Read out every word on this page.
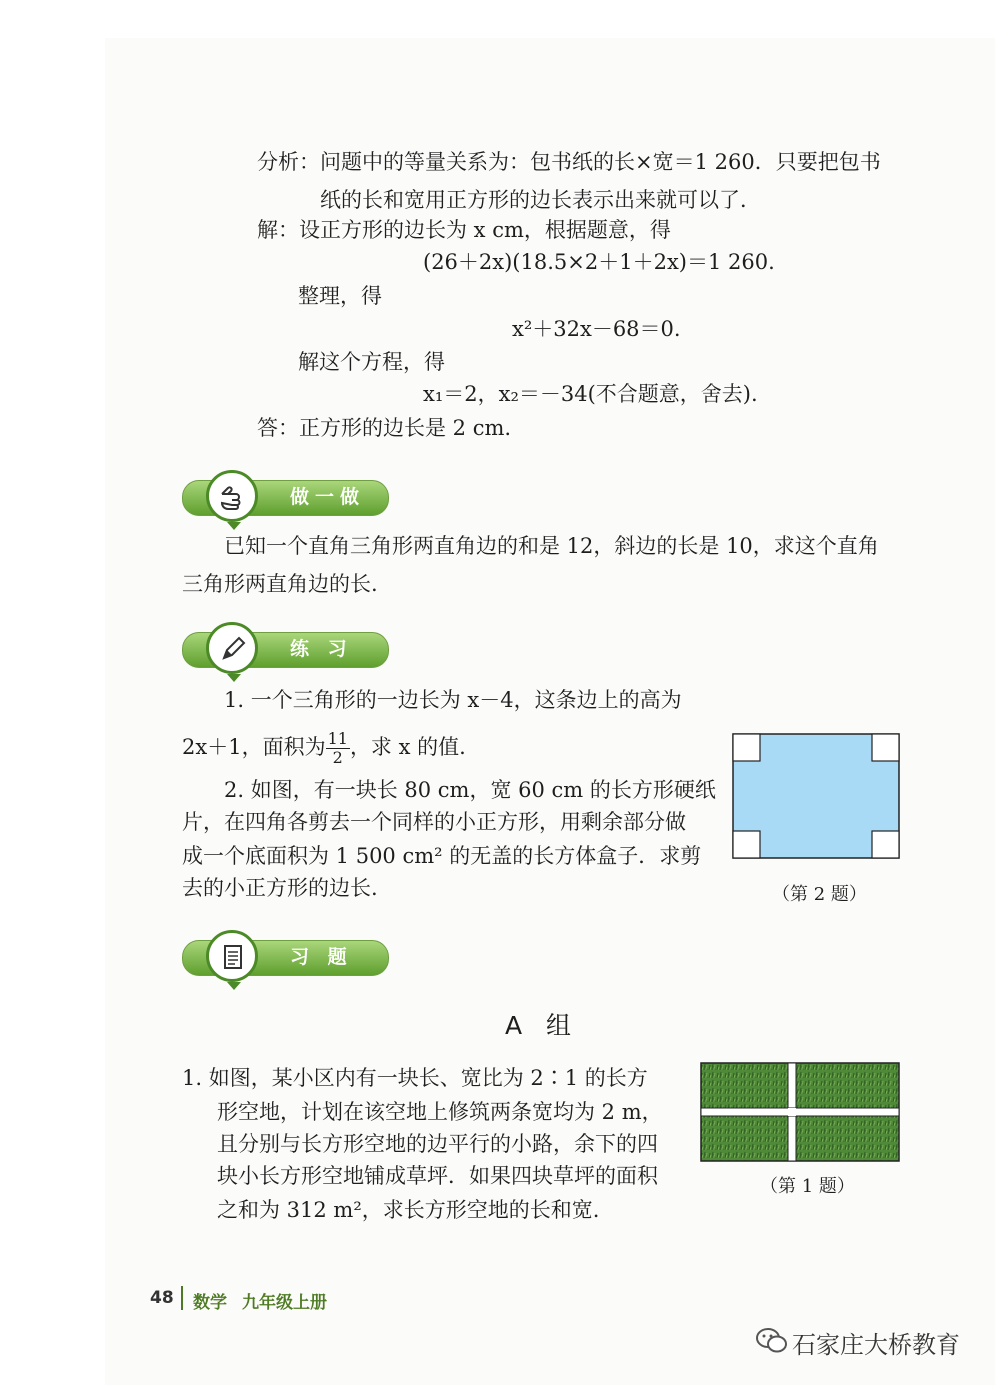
分析：问题中的等量关系为：包书纸的长×宽＝1 260．只要把包书
纸的长和宽用正方形的边长表示出来就可以了．
解：设正方形的边长为 x cm，根据题意，得
(26＋2x)(18.5×2＋1＋2x)＝1 260.
整理，得
x²＋32x－68＝0.
解这个方程，得
x₁＝2，x₂＝－34(不合题意，舍去).
答：正方形的边长是 2 cm.
做一做
已知一个直角三角形两直角边的和是 12，斜边的长是 10，求这个直角
三角形两直角边的长.
练 习
1. 一个三角形的一边长为 x－4，这条边上的高为
2x＋1，面积为 $\frac{11}{2}$ ，求 x 的值.
2. 如图，有一块长 80 cm，宽 60 cm 的长方形硬纸
片，在四角各剪去一个同样的小正方形，用剩余部分做
成一个底面积为 1 500 cm² 的无盖的长方体盒子．求剪
去的小正方形的边长.	（第 2 题）
习 题
A 组
1. 如图，某小区内有一块长、宽比为 2∶1 的长方
形空地，计划在该空地上修筑两条宽均为 2 m，
且分别与长方形空地的边平行的小路，余下的四
块小长方形空地铺成草坪．如果四块草坪的面积
之和为 312 m²，求长方形空地的长和宽.
（第 1 题）
48 数学 九年级上册
石家庄大桥教育
